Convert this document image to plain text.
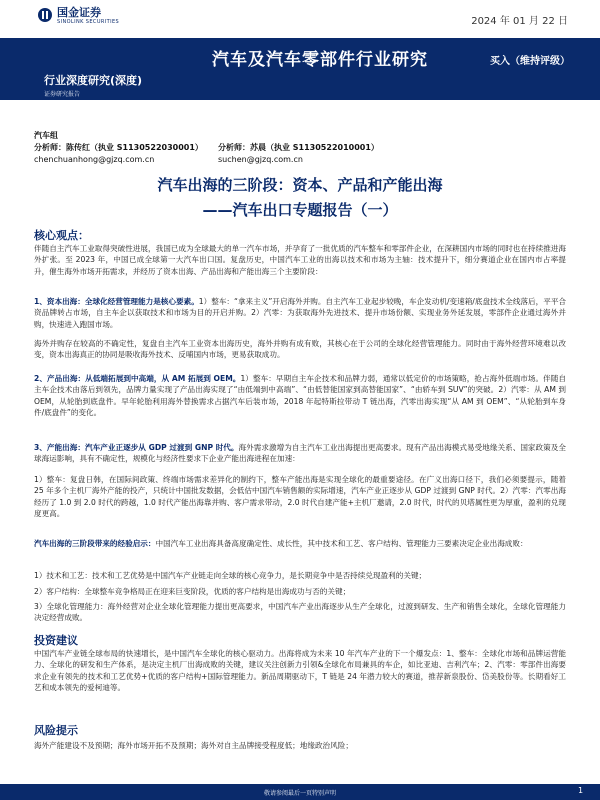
国金证券
SINOLINK SECURITIES	2024 年 01 月 22 日
汽车及汽车零部件行业研究	买入（维持评级）
行业深度研究(深度)
证券研究报告
汽车组
分析师：陈传红（执业 S1130522030001）
chenchuanhong@gjzq.com.cn
分析师：苏晨（执业 S1130522010001）
suchen@gjzq.com.cn
汽车出海的三阶段：资本、产品和产能出海
——汽车出口专题报告（一）
核心观点：

伴随自主汽车工业取得突破性进展，我国已成为全球最大的单一汽车市场，并孕育了一批优质的汽车整车和零部件企业，在深耕国内市场的同时也在持续推进海外扩张。至 2023 年，中国已成全球第一大汽车出口国。复盘历史，中国汽车工业的出海以技术和市场为主轴：技术提升下，细分赛道企业在国内市占率提升，催生海外市场开拓需求，并经历了资本出海、产品出海和产能出海三个主要阶段：

1、资本出海：全球化经营管理能力是核心要素。1）整车：“拿来主义”开启海外并购。自主汽车工业起步较晚，车企发动机/变速箱/底盘技术全线落后，平平合资品牌转占市场，自主车企以获取技术和市场为目的开启并购。2）汽零：为获取海外先进技术、提升市场份额、实现业务外延发展，零部件企业通过海外并购，快速进入跑国市场。

海外并购存在较高的不确定性，复盘自主汽车工业资本出海历史，海外并购有成有败，其核心在于公司的全球化经营管理能力。同时由于海外经营环境难以改变，资本出海真正的协同是吸收海外技术、反哺国内市场，更易获取成功。

2、产品出海：从低端拓展到中高端，从 AM 拓展到 OEM。1）整车：早期自主车企技术和品牌力弱，通常以低定价的市场策略，抢占海外低端市场。伴随自主车企技术由落后到领先，品牌力量实现了产品出海实现了“由低端到中高端”、“由低替能国家到高替能国家”、“由轿车到 SUV”的突破。2）汽零：从 AM 到 OEM，从轮胎到底盘件。早年轮胎利用海外替换需求占据汽车后装市场，2018 年起特斯拉带动 T 链出海，汽零出海实现“从 AM 到 OEM”、“从轮胎到车身件/底盘件”的变化。

3、产能出海：汽车产业正逐步从 GDP 过渡到 GNP 时代。海外需求激增为自主汽车工业出海提出更高要求。现有产品出海模式易受地缘关系、国家政策及全球海运影响，具有不确定性，规模化与经济性要求下企业产能出海进程在加速：

1）整车：复盘日韩，在国际间政策、终端市场需求差异化的制约下，整车产能出海是实现全球化的最重要途径。在广义出海口径下，我们必须要提示，随着 25 年多个主机厂海外产能的投产，只统计中国批发数据，会低估中国汽车销售额的实际增速，汽车产业正逐步从 GDP 过渡到 GNP 时代。2）汽零：汽零出海经历了 1.0 到 2.0 时代的跨越，1.0 时代产能出海靠并购、客户需求带动，2.0 时代自建产能+主机厂邀请，2.0 时代，时代的贝塔属性更为厚重，盈利的兑现度更高。

汽车出海的三阶段带来的经验启示：中国汽车工业出海具备高度确定性、成长性，其中技术和工艺、客户结构、管理能力三要素决定企业出海成败：

1）技术和工艺：技术和工艺优势是中国汽车产业链走向全球的核心竞争力，是长期竞争中是否持续兑现盈利的关键；

2）客户结构：全球整车竞争格局正在迎来巨变阶段，优质的客户结构是出海成功与否的关键；

3）全球化管理能力：海外经营对企业全球化管理能力提出更高要求，中国汽车产业出海逐步从生产全球化，过渡到研发、生产和销售全球化，全球化管理能力决定经营成败。

投资建议

中国汽车产业链全球布局的快速增长，是中国汽车全球化的核心驱动力。出海将成为未来 10 年汽车产业的下一个爆发点：1、整车：全球化市场和品牌运营能力、全球化的研发和生产体系，是决定主机厂出海成败的关键，建议关注创新力引领&全球化布局兼具的车企，如比亚迪、吉利汽车；2、汽零：零部件出海要求企业有领先的技术和工艺优势+优质的客户结构+国际管理能力。新品周期驱动下，T 链是 24 年潜力较大的赛道，推荐新泉股份、岱美股份等。长期看好工艺和成本领先的爱柯迪等。

风险提示

海外产能建设不及预期；海外市场开拓不及预期；海外对自主品牌接受程度低；地缘政治风险；

敬请参阅最后一页特别声明	1
